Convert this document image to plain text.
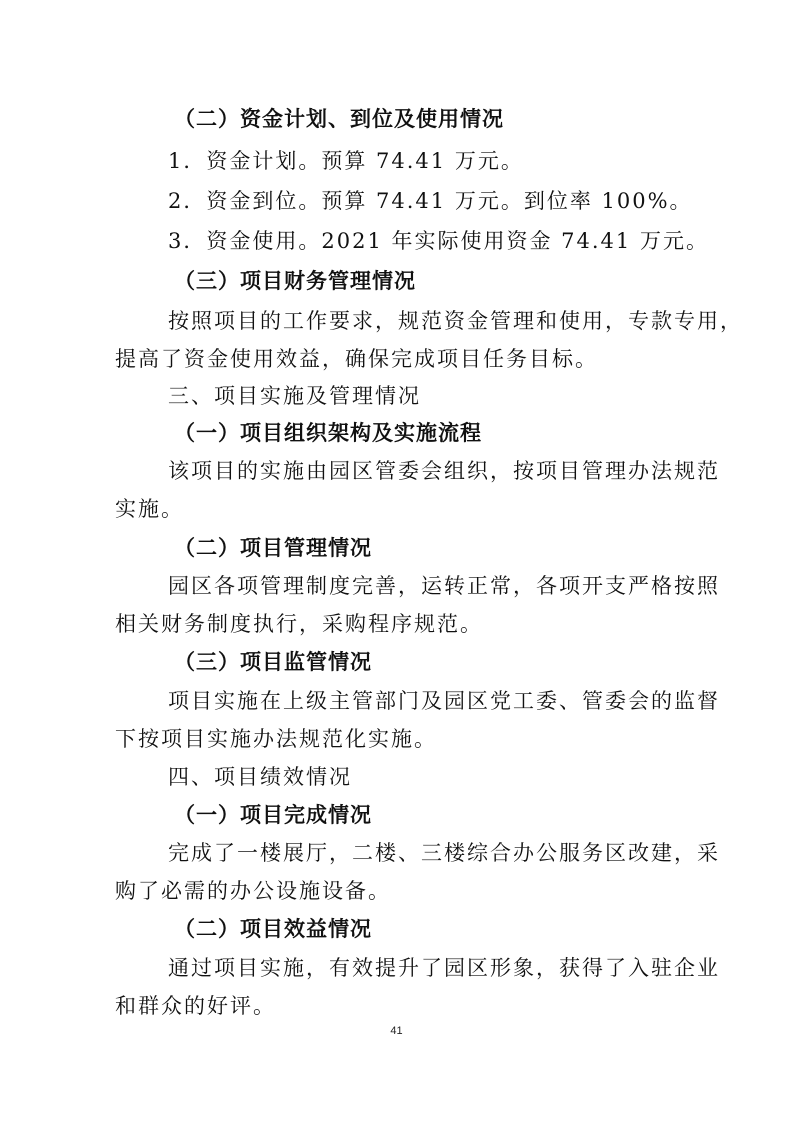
（二）资金计划、到位及使用情况
1．资金计划。预算 74.41 万元。
2．资金到位。预算 74.41 万元。到位率 100%。
3．资金使用。2021 年实际使用资金 74.41 万元。
（三）项目财务管理情况
按照项目的工作要求，规范资金管理和使用，专款专用，
提高了资金使用效益，确保完成项目任务目标。
三、项目实施及管理情况
（一）项目组织架构及实施流程
该项目的实施由园区管委会组织，按项目管理办法规范
实施。
（二）项目管理情况
园区各项管理制度完善，运转正常，各项开支严格按照
相关财务制度执行，采购程序规范。
（三）项目监管情况
项目实施在上级主管部门及园区党工委、管委会的监督
下按项目实施办法规范化实施。
四、项目绩效情况
（一）项目完成情况
完成了一楼展厅，二楼、三楼综合办公服务区改建，采
购了必需的办公设施设备。
（二）项目效益情况
通过项目实施，有效提升了园区形象，获得了入驻企业
和群众的好评。
41
